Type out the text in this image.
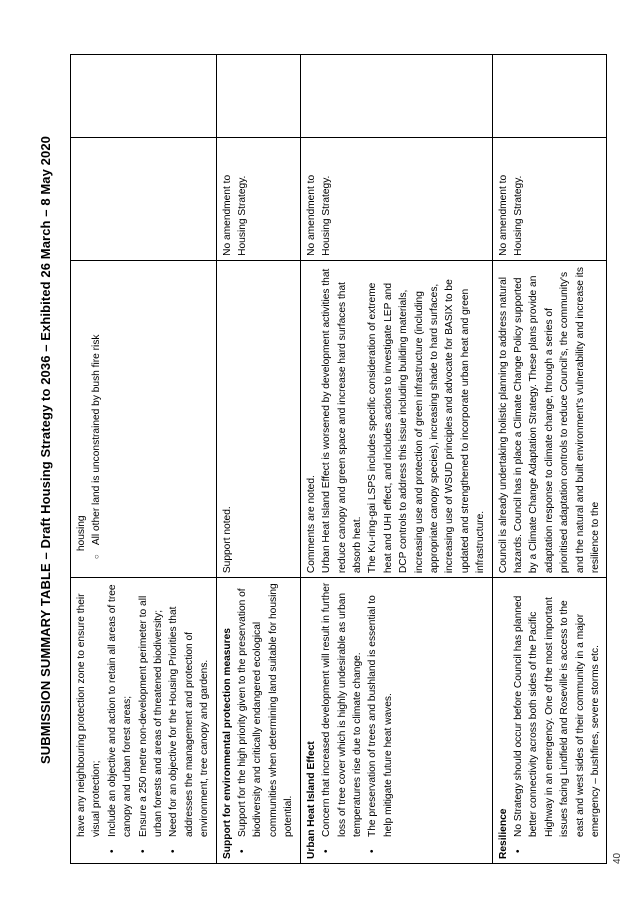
SUBMISSION SUMMARY TABLE – Draft Housing Strategy to 2036 – Exhibited 26 March – 8 May 2020 have any neighbouring protection zone to ensure their visual protection;
•
Include an objective and action to retain all areas of tree canopy and urban forest areas;
•
Ensure a 250 metre non-development perimeter to all urban forests and areas of threatened biodiversity;
•
Need for an objective for the Housing Priorities that addresses the management and protection of environment, tree canopy and gardens.

housing
○ All other land is unconstrained by bush fire risk

Support for environmental protection measures •
Support for the high priority given to the preservation of biodiversity and critically endangered ecological communities when determining land suitable for housing potential.

Support noted.

No amendment to Housing Strategy.

Urban Heat Island Effect •
Concern that increased development will result in further loss of tree cover which is highly undesirable as urban temperatures rise due to climate change.
•
The preservation of trees and bushland is essential to help mitigate future heat waves.

Comments are noted. Urban Heat Island Effect is worsened by development activities that reduce canopy and green space and increase hard surfaces that absorb heat. The Ku-ring-gai LSPS includes specific consideration of extreme heat and UHI effect, and includes actions to investigate LEP and DCP controls to address this issue including building materials, increasing use and protection of green infrastructure (including appropriate canopy species), increasing shade to hard surfaces, increasing use of WSUD principles and advocate for BASIX to be updated and strengthened to incorporate urban heat and green infrastructure.

No amendment to Housing Strategy.

Resilience •
No Strategy should occur before Council has planned better connectivity across both sides of the Pacific Highway in an emergency. One of the most important issues facing Lindfield and Roseville is access to the east and west sides of their community in a major emergency – bushfires, severe storms etc.

Council is already undertaking holistic planning to address natural hazards. Council has in place a Climate Change Policy supported by a Climate Change Adaptation Strategy. These plans provide an adaptation response to climate change, through a series of prioritised adaptation controls to reduce Council's, the community's and the natural and built environment's vulnerability and increase its resilience to the

No amendment to Housing Strategy.

40
